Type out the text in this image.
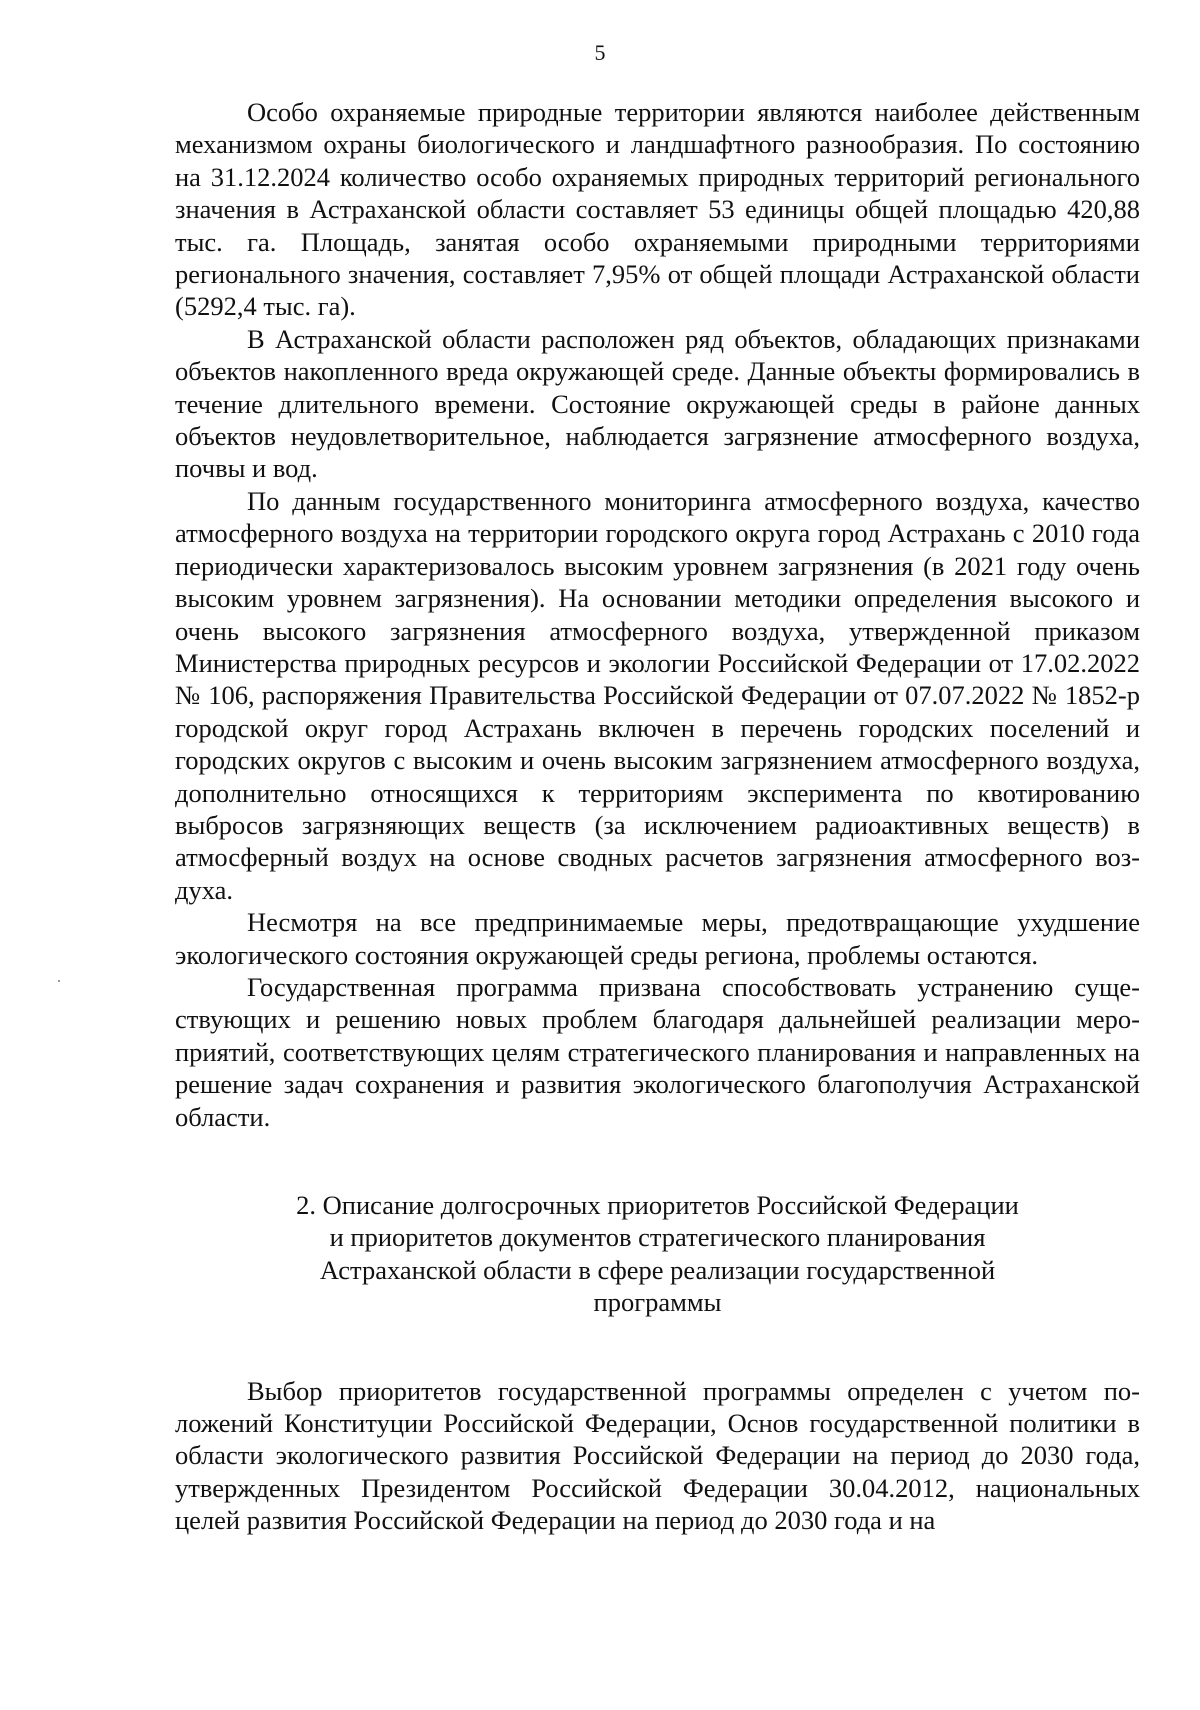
5

Особо охраняемые природные территории являются наиболее действенным механизмом охраны биологического и ландшафтного разнообразия. По состоянию на 31.12.2024 количество особо охраняемых природных территорий регионального значения в Астраханской области составляет 53 единицы общей площадью 420,88 тыс. га. Площадь, занятая особо охраняемыми природными территориями регионального значения, составляет 7,95% от общей площади Астраханской области (5292,4 тыс. га).

В Астраханской области расположен ряд объектов, обладающих признаками объектов накопленного вреда окружающей среде. Данные объекты формировались в течение длительного времени. Состояние окружающей среды в районе данных объектов неудовлетворительное, наблюдается загрязнение атмосферного воздуха, почвы и вод.

По данным государственного мониторинга атмосферного воздуха, качество атмосферного воздуха на территории городского округа город Астрахань с 2010 года периодически характеризовалось высоким уровнем загрязнения (в 2021 году очень высоким уровнем загрязнения). На основании методики определения высокого и очень высокого загрязнения атмосферного воздуха, утвержденной приказом Министерства природных ресурсов и экологии Российской Федерации от 17.02.2022 № 106, распоряжения Правительства Российской Федерации от 07.07.2022 № 1852-р городской округ город Астрахань включен в перечень городских поселений и городских округов с высоким и очень высоким загрязнением атмосферного воздуха, дополнительно относящихся к территориям эксперимента по квотированию выбросов загрязняющих веществ (за исключением радиоактивных веществ) в атмосферный воздух на основе сводных расчетов загрязнения атмосферного воздуха.

Несмотря на все предпринимаемые меры, предотвращающие ухудшение экологического состояния окружающей среды региона, проблемы остаются.

Государственная программа призвана способствовать устранению существующих и решению новых проблем благодаря дальнейшей реализации мероприятий, соответствующих целям стратегического планирования и направленных на решение задач сохранения и развития экологического благополучия Астраханской области.

2. Описание долгосрочных приоритетов Российской Федерации
и приоритетов документов стратегического планирования
Астраханской области в сфере реализации государственной
программы

Выбор приоритетов государственной программы определен с учетом положений Конституции Российской Федерации, Основ государственной политики в области экологического развития Российской Федерации на период до 2030 года, утвержденных Президентом Российской Федерации 30.04.2012, национальных целей развития Российской Федерации на период до 2030 года и на
